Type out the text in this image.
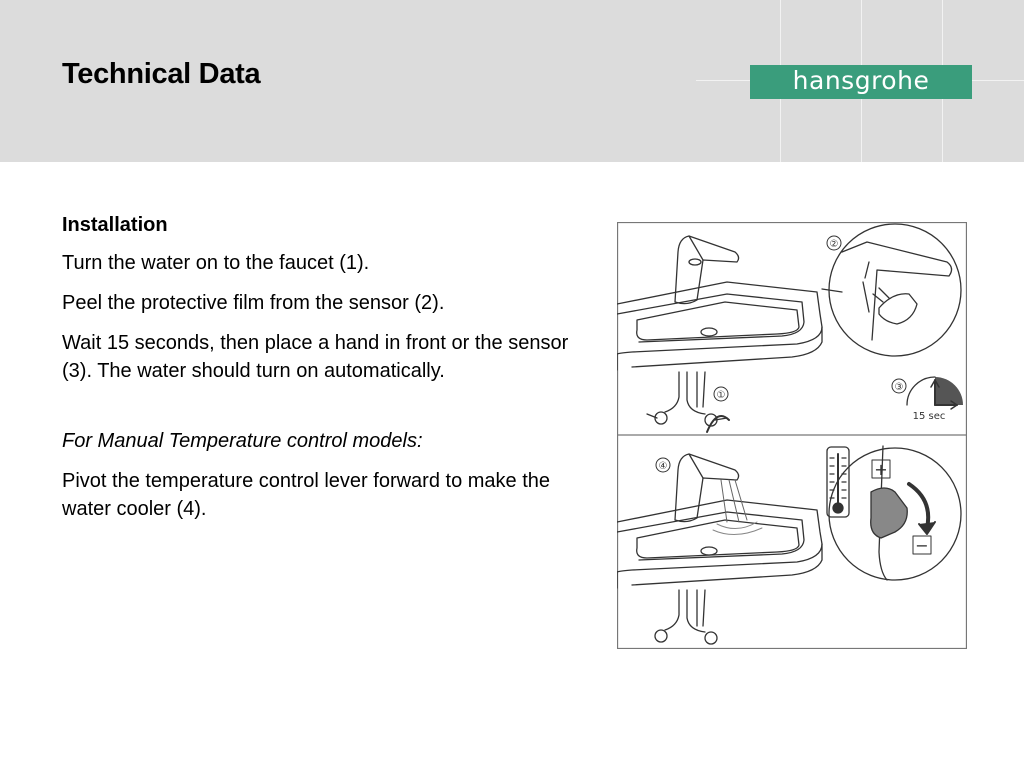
Technical Data	hansgrohe

Installation

Turn the water on to the faucet (1).

Peel the protective film from the sensor (2).

Wait 15 seconds, then place a hand in front or the sensor (3). The water should turn on automatically.

For Manual Temperature control models:

Pivot the temperature control lever forward to make the water cooler (4).

①
②
③
15 sec
④	+
−
